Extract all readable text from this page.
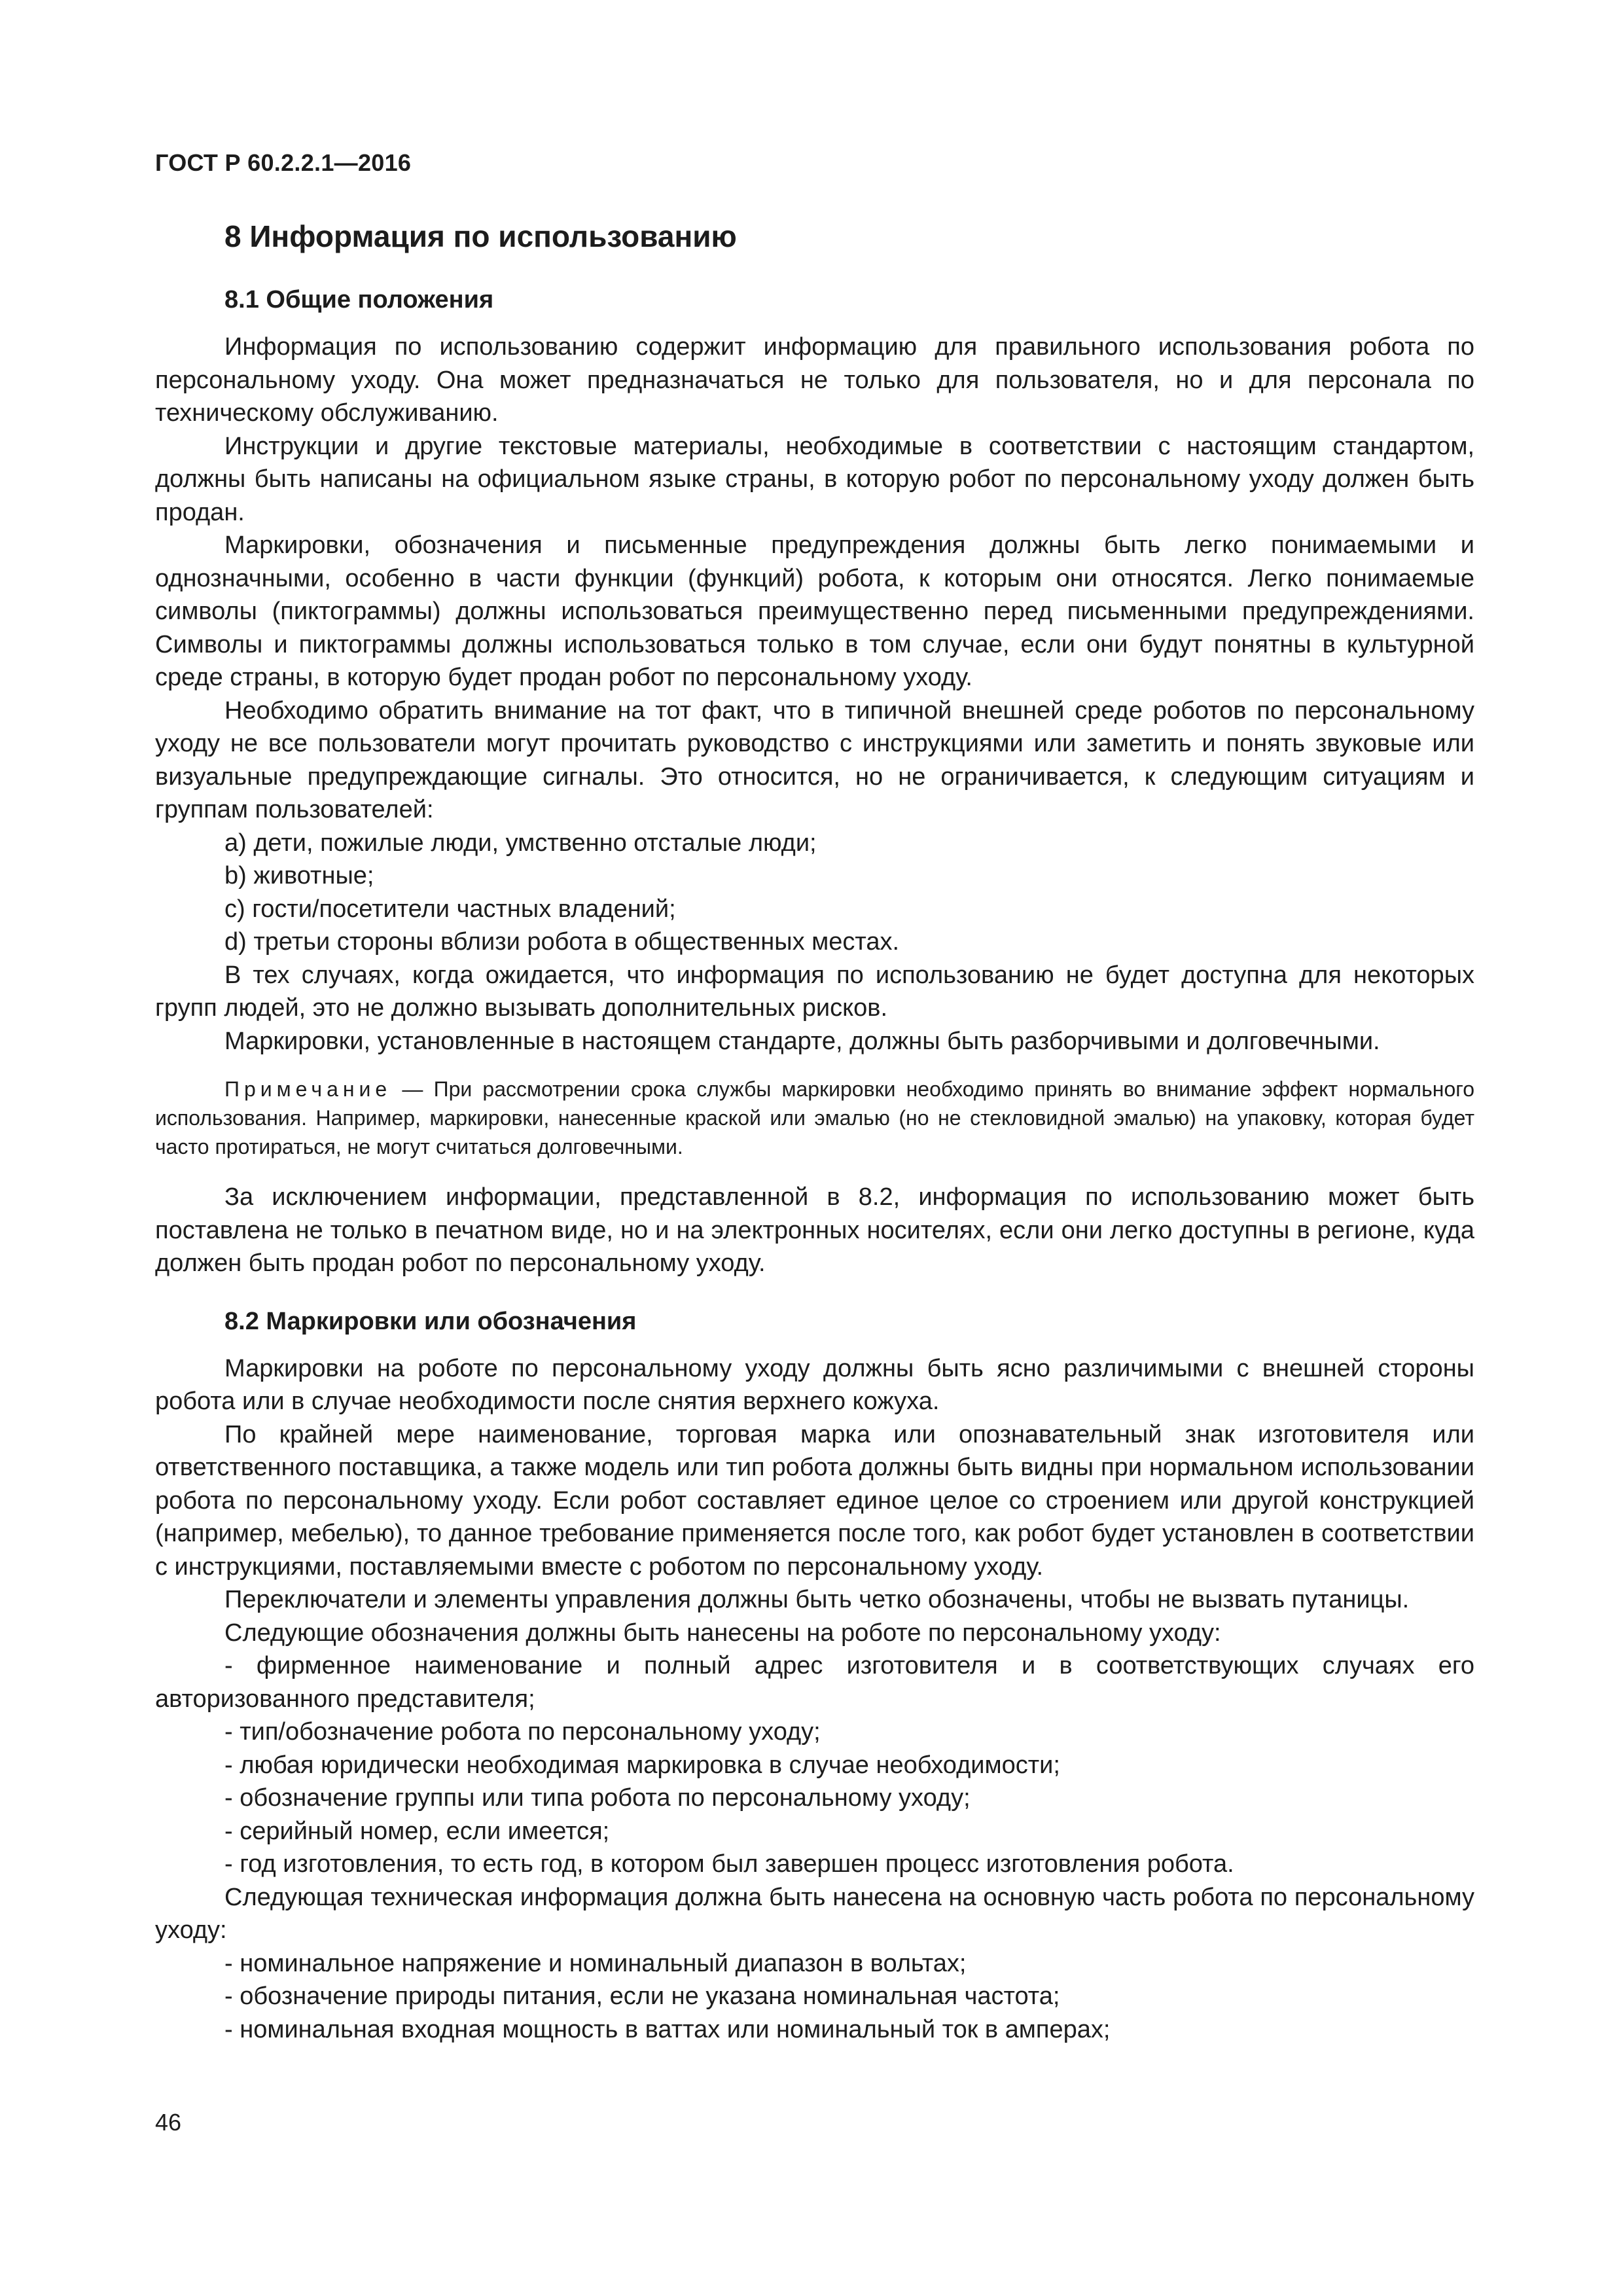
ГОСТ Р 60.2.2.1—2016
8 Информация по использованию
8.1 Общие положения

Информация по использованию содержит информацию для правильного использования робота по персональному уходу. Она может предназначаться не только для пользователя, но и для персонала по техническому обслуживанию.

Инструкции и другие текстовые материалы, необходимые в соответствии с настоящим стандартом, должны быть написаны на официальном языке страны, в которую робот по персональному уходу должен быть продан.

Маркировки, обозначения и письменные предупреждения должны быть легко понимаемыми и однозначными, особенно в части функции (функций) робота, к которым они относятся. Легко понимаемые символы (пиктограммы) должны использоваться преимущественно перед письменными предупреждениями. Символы и пиктограммы должны использоваться только в том случае, если они будут понятны в культурной среде страны, в которую будет продан робот по персональному уходу.

Необходимо обратить внимание на тот факт, что в типичной внешней среде роботов по персональному уходу не все пользователи могут прочитать руководство с инструкциями или заметить и понять звуковые или визуальные предупреждающие сигналы. Это относится, но не ограничивается, к следующим ситуациям и группам пользователей:

a) дети, пожилые люди, умственно отсталые люди;

b) животные;

c) гости/посетители частных владений;

d) третьи стороны вблизи робота в общественных местах.

В тех случаях, когда ожидается, что информация по использованию не будет доступна для некоторых групп людей, это не должно вызывать дополнительных рисков.

Маркировки, установленные в настоящем стандарте, должны быть разборчивыми и долговечными.

Примечание — При рассмотрении срока службы маркировки необходимо принять во внимание эффект нормального использования. Например, маркировки, нанесенные краской или эмалью (но не стекловидной эмалью) на упаковку, которая будет часто протираться, не могут считаться долговечными.

За исключением информации, представленной в 8.2, информация по использованию может быть поставлена не только в печатном виде, но и на электронных носителях, если они легко доступны в регионе, куда должен быть продан робот по персональному уходу.

8.2 Маркировки или обозначения

Маркировки на роботе по персональному уходу должны быть ясно различимыми с внешней стороны робота или в случае необходимости после снятия верхнего кожуха.

По крайней мере наименование, торговая марка или опознавательный знак изготовителя или ответственного поставщика, а также модель или тип робота должны быть видны при нормальном использовании робота по персональному уходу. Если робот составляет единое целое со строением или другой конструкцией (например, мебелью), то данное требование применяется после того, как робот будет установлен в соответствии с инструкциями, поставляемыми вместе с роботом по персональному уходу.

Переключатели и элементы управления должны быть четко обозначены, чтобы не вызвать путаницы.

Следующие обозначения должны быть нанесены на роботе по персональному уходу:

- фирменное наименование и полный адрес изготовителя и в соответствующих случаях его авторизованного представителя;

- тип/обозначение робота по персональному уходу;

- любая юридически необходимая маркировка в случае необходимости;

- обозначение группы или типа робота по персональному уходу;

- серийный номер, если имеется;

- год изготовления, то есть год, в котором был завершен процесс изготовления робота.

Следующая техническая информация должна быть нанесена на основную часть робота по персональному уходу:

- номинальное напряжение и номинальный диапазон в вольтах;

- обозначение природы питания, если не указана номинальная частота;

- номинальная входная мощность в ваттах или номинальный ток в амперах;

46
